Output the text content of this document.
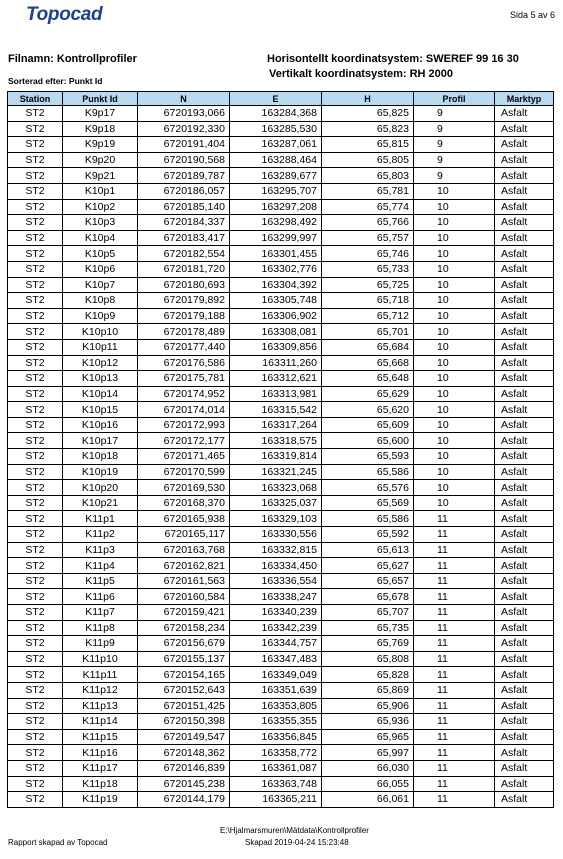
Topocad	Sida 5 av 6
Filnamn: Kontrollprofiler
Sorterad efter: Punkt Id
Horisontellt koordinatsystem: SWEREF 99 16 30
Vertikalt koordinatsystem: RH 2000
Station	Punkt Id	N	E	H	Profil	Marktyp
ST2	K9p17	6720193,066	163284,368	65,825	9	Asfalt
ST2	K9p18	6720192,330	163285,530	65,823	9	Asfalt
ST2	K9p19	6720191,404	163287,061	65,815	9	Asfalt
ST2	K9p20	6720190,568	163288,464	65,805	9	Asfalt
ST2	K9p21	6720189,787	163289,677	65,803	9	Asfalt
ST2	K10p1	6720186,057	163295,707	65,781	10	Asfalt
ST2	K10p2	6720185,140	163297,208	65,774	10	Asfalt
ST2	K10p3	6720184,337	163298,492	65,766	10	Asfalt
ST2	K10p4	6720183,417	163299,997	65,757	10	Asfalt
ST2	K10p5	6720182,554	163301,455	65,746	10	Asfalt
ST2	K10p6	6720181,720	163302,776	65,733	10	Asfalt
ST2	K10p7	6720180,693	163304,392	65,725	10	Asfalt
ST2	K10p8	6720179,892	163305,748	65,718	10	Asfalt
ST2	K10p9	6720179,188	163306,902	65,712	10	Asfalt
ST2	K10p10	6720178,489	163308,081	65,701	10	Asfalt
ST2	K10p11	6720177,440	163309,856	65,684	10	Asfalt
ST2	K10p12	6720176,586	163311,260	65,668	10	Asfalt
ST2	K10p13	6720175,781	163312,621	65,648	10	Asfalt
ST2	K10p14	6720174,952	163313,981	65,629	10	Asfalt
ST2	K10p15	6720174,014	163315,542	65,620	10	Asfalt
ST2	K10p16	6720172,993	163317,264	65,609	10	Asfalt
ST2	K10p17	6720172,177	163318,575	65,600	10	Asfalt
ST2	K10p18	6720171,465	163319,814	65,593	10	Asfalt
ST2	K10p19	6720170,599	163321,245	65,586	10	Asfalt
ST2	K10p20	6720169,530	163323,068	65,576	10	Asfalt
ST2	K10p21	6720168,370	163325,037	65,569	10	Asfalt
ST2	K11p1	6720165,938	163329,103	65,586	11	Asfalt
ST2	K11p2	6720165,117	163330,556	65,592	11	Asfalt
ST2	K11p3	6720163,768	163332,815	65,613	11	Asfalt
ST2	K11p4	6720162,821	163334,450	65,627	11	Asfalt
ST2	K11p5	6720161,563	163336,554	65,657	11	Asfalt
ST2	K11p6	6720160,584	163338,247	65,678	11	Asfalt
ST2	K11p7	6720159,421	163340,239	65,707	11	Asfalt
ST2	K11p8	6720158,234	163342,239	65,735	11	Asfalt
ST2	K11p9	6720156,679	163344,757	65,769	11	Asfalt
ST2	K11p10	6720155,137	163347,483	65,808	11	Asfalt
ST2	K11p11	6720154,165	163349,049	65,828	11	Asfalt
ST2	K11p12	6720152,643	163351,639	65,869	11	Asfalt
ST2	K11p13	6720151,425	163353,805	65,906	11	Asfalt
ST2	K11p14	6720150,398	163355,355	65,936	11	Asfalt
ST2	K11p15	6720149,547	163356,845	65,965	11	Asfalt
ST2	K11p16	6720148,362	163358,772	65,997	11	Asfalt
ST2	K11p17	6720146,839	163361,087	66,030	11	Asfalt
ST2	K11p18	6720145,238	163363,748	66,055	11	Asfalt
ST2	K11p19	6720144,179	163365,211	66,061	11	Asfalt
E:\Hjalmarsmuren\Mätdata\Kontrollprofiler
Skapad 2019-04-24 15:23:48
Rapport skapad av Topocad
